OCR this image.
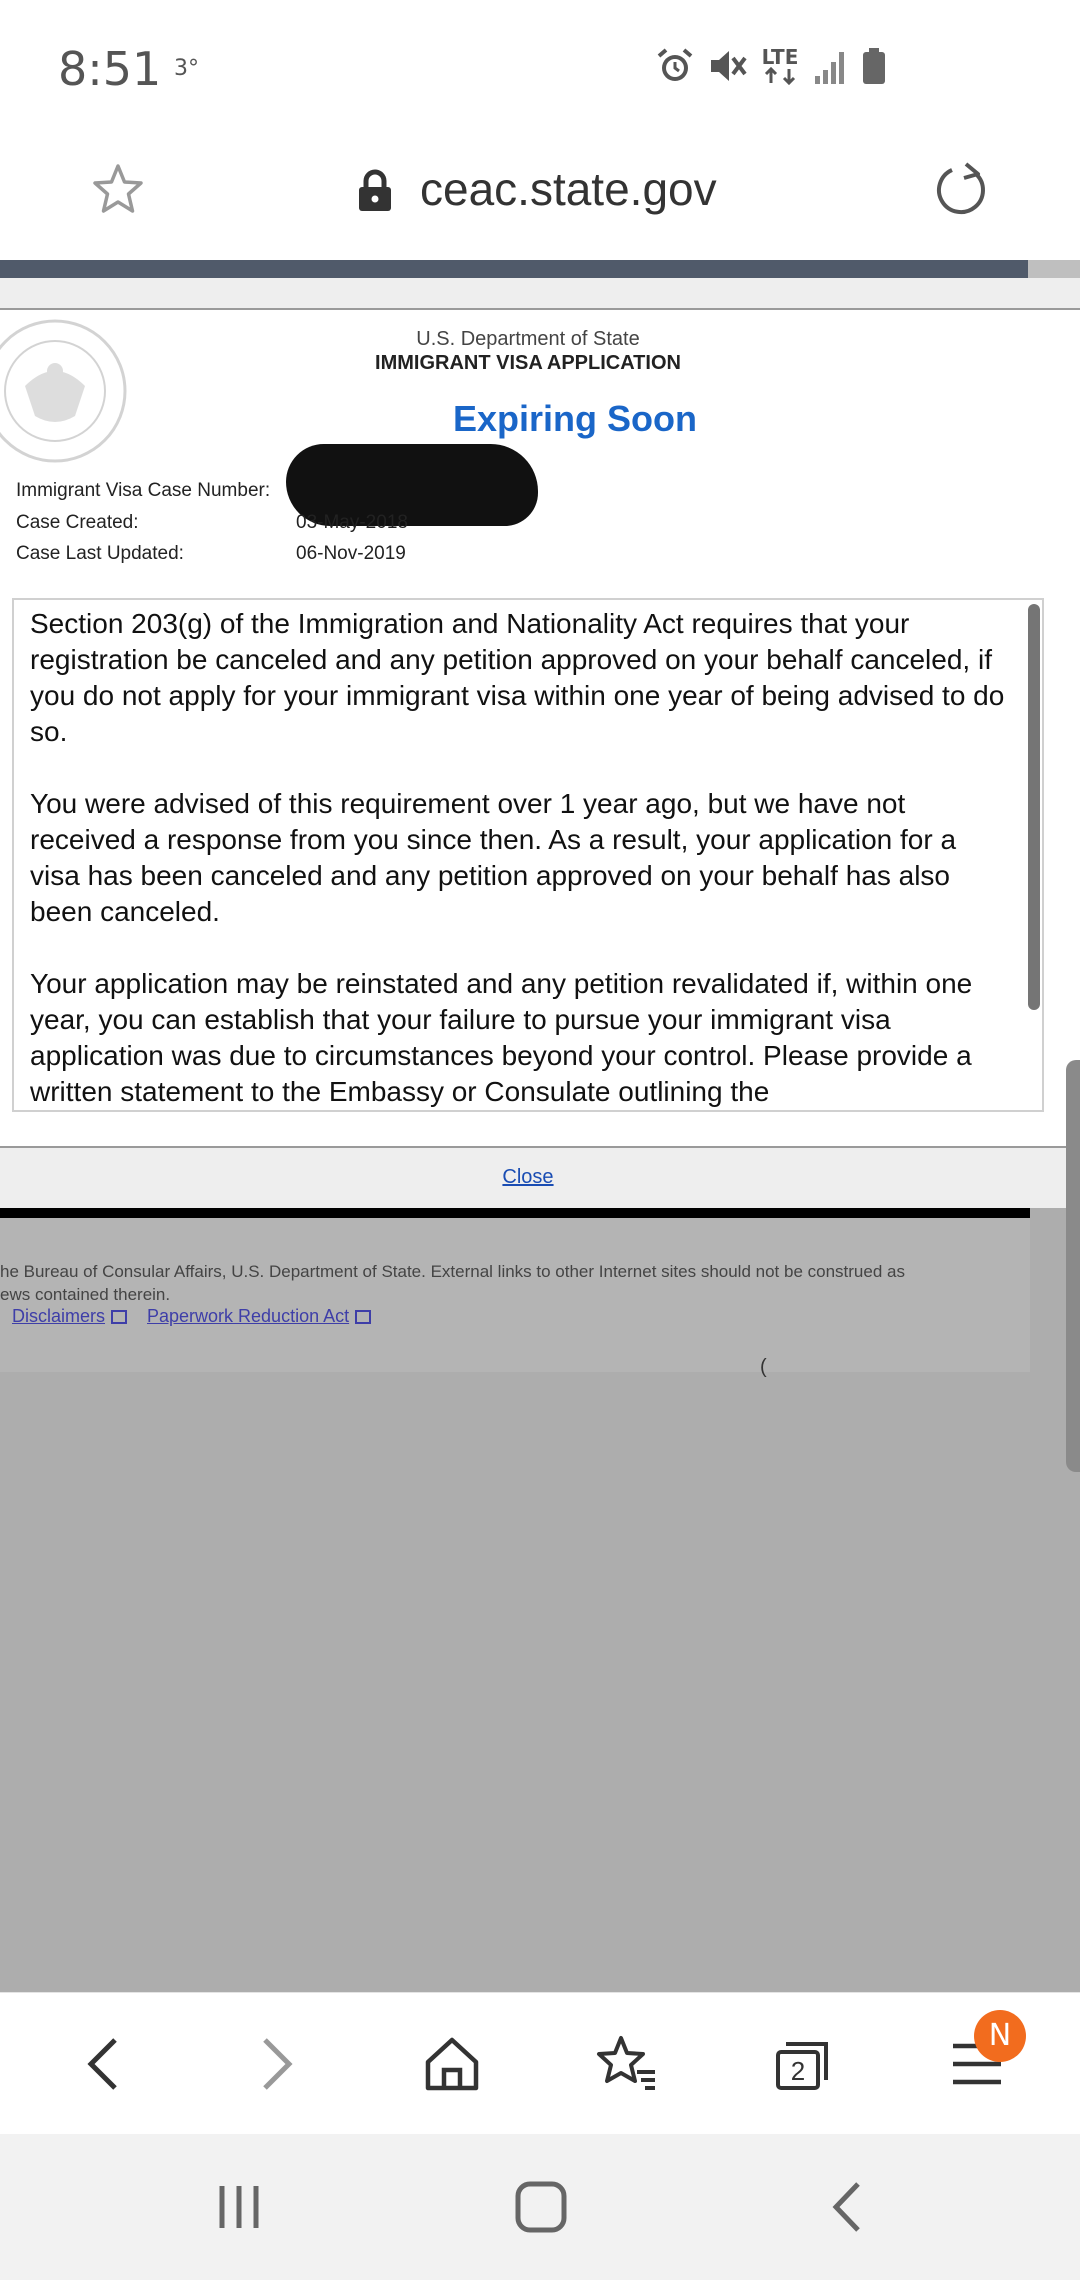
8:51 3°	LTE
ceac.state.gov
U.S. Department of State
IMMIGRANT VISA APPLICATION
Expiring Soon
Immigrant Visa Case Number:
Case Created:	03-May-2018
Case Last Updated:	06-Nov-2019

Section 203(g) of the Immigration and Nationality Act requires that your registration be canceled and any petition approved on your behalf canceled, if you do not apply for your immigrant visa within one year of being advised to do so.

You were advised of this requirement over 1 year ago, but we have not received a response from you since then. As a result, your application for a visa has been canceled and any petition approved on your behalf has also been canceled.

Your application may be reinstated and any petition revalidated if, within one year, you can establish that your failure to pursue your immigrant visa application was due to circumstances beyond your control. Please provide a written statement to the Embassy or Consulate outlining the

Close
he Bureau of Consular Affairs, U.S. Department of State. External links to other Internet sites should not be construed as
ews contained therein.
Disclaimers	Paperwork Reduction Act
(
2
N
